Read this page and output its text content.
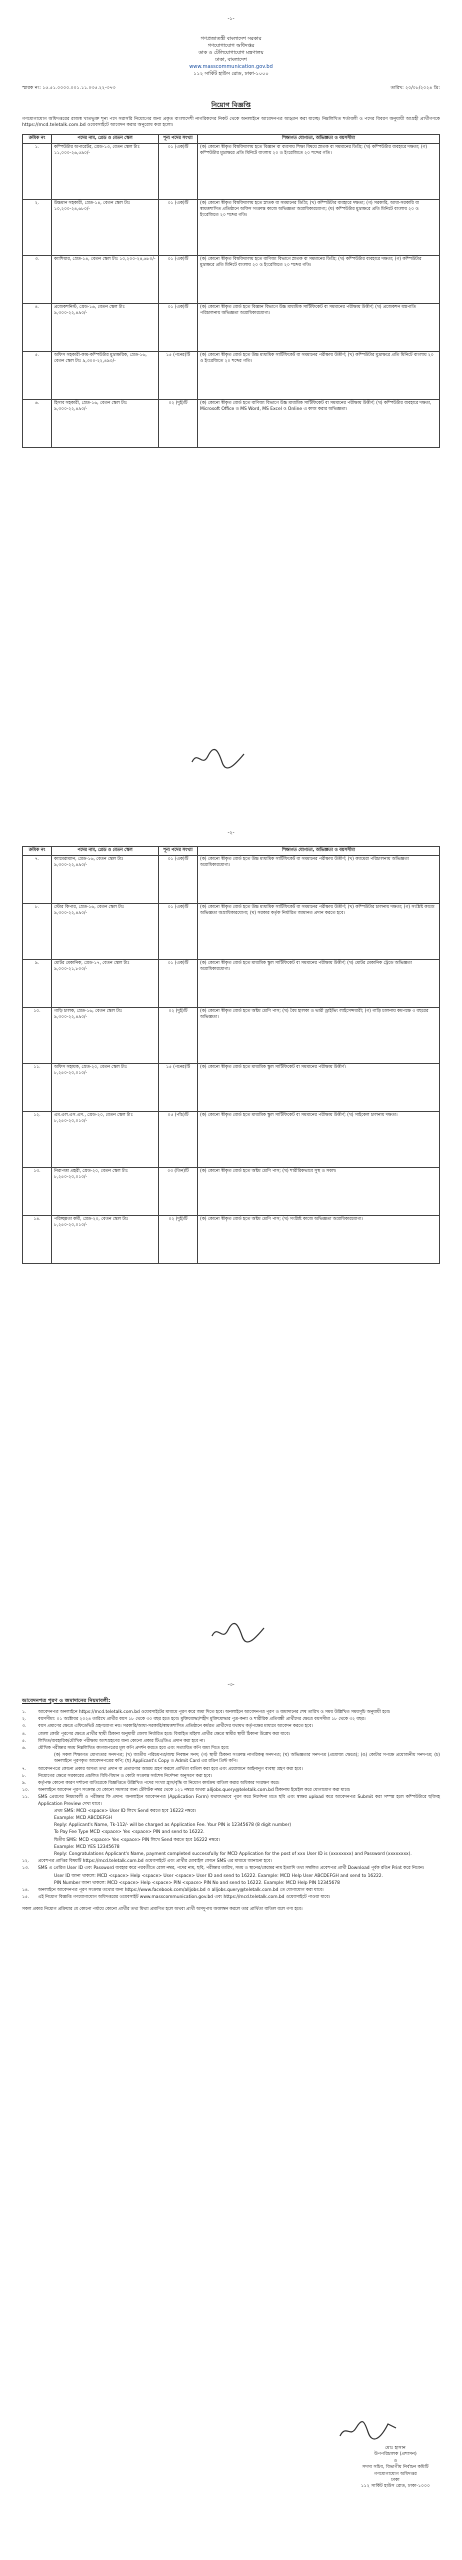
-১-
গণপ্রজাতন্ত্রী বাংলাদেশ সরকার
গণযোগাযোগ অধিদপ্তর
ডাক ও টেলিযোগাযোগ মন্ত্রণালয়
ঢাকা, বাংলাদেশ
www.masscommunication.gov.bd
১১২ সার্কিট হাউস রোড, ঢাকা-১০০০
স্মারক নং: ১৫.৫১.০০০০.০০১.১১.০৩৫.২২-৩৭৩	তারিখ: ২০/০৮/২০২৪ খ্রি:
নিয়োগ বিজ্ঞপ্তি
গণযোগাযোগ অধিদপ্তরের রাজস্ব খাতভুক্ত শূন্য পদে সরাসরি নিয়োগের জন্য প্রকৃত বাংলাদেশী নাগরিকদের নিকট থেকে অনলাইনে আবেদনপত্র আহ্বান করা যাচ্ছে। নিম্নলিখিত শর্তাবলী ও পদের বিবরণ অনুযায়ী আগ্রহী প্রার্থীগণকে https://mcd.teletalk.com.bd ওয়েবসাইটে আবেদন করার অনুরোধ করা হলো।
ক্রমিক নং	পদের নাম, গ্রেড ও বেতন স্কেল	শূন্য পদের সংখ্যা	শিক্ষাগত যোগ্যতা, অভিজ্ঞতা ও বয়সসীমা
১.	কম্পিউটার অপারেটর, গ্রেড-১৩, বেতন স্কেল টাঃ ১১,০০০-২৬,৫৯০/-	০১ (এক)টি	(ক) কোনো স্বীকৃত বিশ্ববিদ্যালয় হতে বিজ্ঞান বা ব্যবসায় শিক্ষা বিষয়ে স্নাতক বা সমমানের ডিগ্রি; (খ) কম্পিউটার ব্যবহারে দক্ষতা; (গ) কম্পিউটার মুদ্রাক্ষরে প্রতি মিনিটে বাংলায় ২০ ও ইংরেজিতে ২০ শব্দের গতি।
২.	উচ্চমান সহকারী, গ্রেড-১৪, বেতন স্কেল টাঃ ১০,২০০-২৪,৬৮০/-	০১ (এক)টি	(ক) কোনো স্বীকৃত বিশ্ববিদ্যালয় হতে স্নাতক বা সমমানের ডিগ্রি; (খ) কম্পিউটার ব্যবহারে দক্ষতা; (গ) সরকারি, আধা-সরকারি বা স্বায়ত্তশাসিত প্রতিষ্ঠানে অফিস সংক্রান্ত কাজে অভিজ্ঞতা অগ্রাধিকারযোগ্য; (ঘ) কম্পিউটার মুদ্রাক্ষরে প্রতি মিনিটে বাংলায় ২০ ও ইংরেজিতে ২০ শব্দের গতি।
৩.	ক্যাশিয়ার, গ্রেড-১৪, বেতন স্কেল টাঃ ১০,২০০-২৪,৬৮০/-	০১ (এক)টি	(ক) কোনো স্বীকৃত বিশ্ববিদ্যালয় হতে বাণিজ্য বিভাগে স্নাতক বা সমমানের ডিগ্রি; (খ) কম্পিউটার ব্যবহারে দক্ষতা; (গ) কম্পিউটার মুদ্রাক্ষরে প্রতি মিনিটে বাংলায় ২০ ও ইংরেজিতে ২০ শব্দের গতি।
৪.	প্রজেকশনিস্ট, গ্রেড-১৬, বেতন স্কেল টাঃ ৯,৩০০-২২,৪৯০/-	০১ (এক)টি	(ক) কোনো স্বীকৃত বোর্ড হতে বিজ্ঞান বিভাগে উচ্চ মাধ্যমিক সার্টিফিকেট বা সমমানের পরীক্ষায় উত্তীর্ণ; (খ) প্রজেকশন যন্ত্রপাতি পরিচালনায় অভিজ্ঞতা অগ্রাধিকারযোগ্য।
৫.	অফিস সহকারী-কাম-কম্পিউটার মুদ্রাক্ষরিক, গ্রেড-১৬, বেতন স্কেল টাঃ ৯,৩০০-২২,৪৯০/-	১৫ (পনের)টি	(ক) কোনো স্বীকৃত বোর্ড হতে উচ্চ মাধ্যমিক সার্টিফিকেট বা সমমানের পরীক্ষায় উত্তীর্ণ; (খ) কম্পিউটার মুদ্রাক্ষরে প্রতি মিনিটে বাংলায় ২০ ও ইংরেজিতে ২০ শব্দের গতি।
৬.	হিসাব সহকারী, গ্রেড-১৬, বেতন স্কেল টাঃ ৯,৩০০-২২,৪৯০/-	০২ (দুই)টি	(ক) কোনো স্বীকৃত বোর্ড হতে বাণিজ্য বিভাগে উচ্চ মাধ্যমিক সার্টিফিকেট বা সমমানের পরীক্ষায় উত্তীর্ণ; (খ) কম্পিউটার ব্যবহারে দক্ষতা, Microsoft Office ও MS Word, MS Excel ও Online এ কাজ করার অভিজ্ঞতা।
-২-
ক্রমিক নং	পদের নাম, গ্রেড ও বেতন স্কেল	শূন্য পদের সংখ্যা	শিক্ষাগত যোগ্যতা, অভিজ্ঞতা ও বয়সসীমা
৭.	ক্যামেরাম্যান, গ্রেড-১৬, বেতন স্কেল টাঃ ৯,৩০০-২২,৪৯০/-	০১ (এক)টি	(ক) কোনো স্বীকৃত বোর্ড হতে উচ্চ মাধ্যমিক সার্টিফিকেট বা সমমানের পরীক্ষায় উত্তীর্ণ; (খ) ক্যামেরা পরিচালনায় অভিজ্ঞতা অগ্রাধিকারযোগ্য।
৮.	স্টোর কিপার, গ্রেড-১৬, বেতন স্কেল টাঃ ৯,৩০০-২২,৪৯০/-	০১ (এক)টি	(ক) কোনো স্বীকৃত বোর্ড হতে উচ্চ মাধ্যমিক সার্টিফিকেট বা সমমানের পরীক্ষায় উত্তীর্ণ; (খ) কম্পিউটার চালনায় দক্ষতা; (গ) সংশ্লিষ্ট কাজে অভিজ্ঞতা অগ্রাধিকারযোগ্য; (ঘ) সরকার কর্তৃক নির্ধারিত জামানত প্রদান করতে হবে।
৯.	মোটর মেকানিক, গ্রেড-১৭, বেতন স্কেল টাঃ ৯,০০০-২১,৮০০/-	০১ (এক)টি	(ক) কোনো স্বীকৃত বোর্ড হতে মাধ্যমিক স্কুল সার্টিফিকেট বা সমমানের পরীক্ষায় উত্তীর্ণ; (খ) মোটর মেকানিক ট্রেডে অভিজ্ঞতা অগ্রাধিকারযোগ্য।
১০.	গাড়ি চালক, গ্রেড-১৬, বেতন স্কেল টাঃ ৯,৩০০-২২,৪৯০/-	০২ (দুই)টি	(ক) কোনো স্বীকৃত বোর্ড হতে অষ্টম শ্রেণি পাস; (খ) বৈধ হালকা ও ভারী ড্রাইভিং লাইসেন্সধারী; (গ) গাড়ি চালনায় কমপক্ষে ৩ বছরের অভিজ্ঞতা।
১১.	অফিস সহায়ক, গ্রেড-২০, বেতন স্কেল টাঃ ৮,২৫০-২০,০১০/-	১৫ (পনের)টি	(ক) কোনো স্বীকৃত বোর্ড হতে মাধ্যমিক স্কুল সার্টিফিকেট বা সমমানের পরীক্ষায় উত্তীর্ণ।
১২.	এম.এল.এস.এস., গ্রেড-২০, বেতন স্কেল টাঃ ৮,২৫০-২০,০১০/-	০৫ (পাঁচ)টি	(ক) কোনো স্বীকৃত বোর্ড হতে মাধ্যমিক স্কুল সার্টিফিকেট বা সমমানের পরীক্ষায় উত্তীর্ণ; (খ) সাইকেল চালনায় দক্ষতা।
১৩.	নিরাপত্তা প্রহরী, গ্রেড-২০, বেতন স্কেল টাঃ ৮,২৫০-২০,০১০/-	০৩ (তিন)টি	(ক) কোনো স্বীকৃত বোর্ড হতে অষ্টম শ্রেণি পাস; (খ) শারীরিকভাবে সুস্থ ও সবল।
১৪.	পরিচ্ছন্নতা কর্মী, গ্রেড-২০, বেতন স্কেল টাঃ ৮,২৫০-২০,০১০/-	০২ (দুই)টি	(ক) কোনো স্বীকৃত বোর্ড হতে অষ্টম শ্রেণি পাস; (খ) সংশ্লিষ্ট কাজে অভিজ্ঞতা অগ্রাধিকারযোগ্য।
-৩-
আবেদনপত্র পূরণ ও জমাদানের নিয়মাবলী:
১.	আবেদনপত্র অনলাইনে https://mcd.teletalk.com.bd ওয়েবসাইটের মাধ্যমে পূরণ করে জমা দিতে হবে। অনলাইনে আবেদনপত্র পূরণ ও জমাদানের শেষ তারিখ ও সময় উল্লিখিত সময়সূচি অনুযায়ী হবে।
২.	বয়সসীমা: ০১ অক্টোবর ২০২৪ তারিখে প্রার্থীর বয়স ১৮ থেকে ৩০ বছর হতে হবে। মুক্তিযোদ্ধা/শহীদ মুক্তিযোদ্ধার পুত্র-কন্যা ও শারীরিক প্রতিবন্ধী প্রার্থীদের ক্ষেত্রে বয়সসীমা ১৮ থেকে ৩২ বছর।
৩.	বয়স প্রমাণের ক্ষেত্রে এফিডেভিট গ্রহণযোগ্য নয়। সরকারি/আধা-সরকারি/স্বায়ত্তশাসিত প্রতিষ্ঠানে কর্মরত প্রার্থীদের যথাযথ কর্তৃপক্ষের মাধ্যমে আবেদন করতে হবে।
৪.	জেলা কোটা পূরণের ক্ষেত্রে প্রার্থীর স্থায়ী ঠিকানা অনুযায়ী জেলা নির্ধারিত হবে। বিবাহিত মহিলা প্রার্থীর ক্ষেত্রে স্বামীর স্থায়ী ঠিকানা উল্লেখ করা যাবে।
৫.	লিখিত/ব্যবহারিক/মৌখিক পরীক্ষায় অংশগ্রহণের জন্য কোনো প্রকার টিএ/ডিএ প্রদান করা হবে না।
৬.	মৌখিক পরীক্ষার সময় নিম্নলিখিত কাগজপত্রের মূল কপি প্রদর্শন করতে হবে এবং সত্যায়িত কপি জমা দিতে হবে:
(ক) সকল শিক্ষাগত যোগ্যতার সনদপত্র; (খ) জাতীয় পরিচয়পত্র/জন্ম নিবন্ধন সনদ; (গ) স্থায়ী ঠিকানা সংক্রান্ত নাগরিকত্ব সনদপত্র; (ঘ) অভিজ্ঞতার সনদপত্র (প্রযোজ্য ক্ষেত্রে); (ঙ) কোটার সপক্ষে প্রয়োজনীয় সনদপত্র; (চ) অনলাইনে পূরণকৃত আবেদনপত্রের কপি; (ছ) Applicant's Copy ও Admit Card এর রঙিন প্রিন্ট কপি।
৭.	আবেদনপত্রে কোনো প্রকার অসত্য তথ্য প্রদান বা প্রতারণার আশ্রয় গ্রহণ করলে প্রার্থিতা বাতিল করা হবে এবং প্রয়োজনে আইনানুগ ব্যবস্থা গ্রহণ করা হবে।
৮.	নিয়োগের ক্ষেত্রে সরকারের প্রচলিত বিধি-বিধান ও কোটা সংক্রান্ত সর্বশেষ নির্দেশনা অনুসরণ করা হবে।
৯.	কর্তৃপক্ষ কোনো কারণ দর্শানো ব্যতিরেকে বিজ্ঞপ্তিতে উল্লিখিত পদের সংখ্যা হ্রাস/বৃদ্ধি বা নিয়োগ কার্যক্রম বাতিল করার অধিকার সংরক্ষণ করে।
১০.	অনলাইনে আবেদন পূরণ সংক্রান্ত যে কোনো সমস্যার জন্য টেলিটক নম্বর থেকে ১২১ নম্বরে অথবা alljobs.query@teletalk.com.bd ঠিকানায় ইমেইল করে যোগাযোগ করা যাবে।
১১.	SMS প্রেরণের নিয়মাবলী ও পরীক্ষার ফি প্রদান: অনলাইনে আবেদনপত্র (Application Form) যথাযথভাবে পূরণ করে নির্দেশনা মতে ছবি এবং স্বাক্ষর upload করে আবেদনপত্র Submit করা সম্পন্ন হলে কম্পিউটারে ছবিসহ Application Preview দেখা যাবে।
প্রথম SMS: MCD <space> User ID লিখে Send করতে হবে 16222 নম্বরে।
Example: MCD ABCDEFGH
Reply: Applicant's Name, Tk-112/- will be charged as Application Fee. Your PIN is 12345678 (8 digit number)
To Pay Fee Type MCD <space> Yes <space> PIN and send to 16222.
দ্বিতীয় SMS: MCD <space> Yes <space> PIN লিখে Send করতে হবে 16222 নম্বরে।
Example: MCD YES 12345678
Reply: Congratulations Applicant's Name, payment completed successfully for MCD Application for the post of xxx User ID is (xxxxxxxx) and Password (xxxxxxxx).
১২.	প্রবেশপত্র প্রাপ্তির বিষয়টি https://mcd.teletalk.com.bd ওয়েবসাইটে এবং প্রার্থীর মোবাইল ফোনে SMS এর মাধ্যমে জানানো হবে।
১৩.	SMS এ প্রেরিত User ID এবং Password ব্যবহার করে পরবর্তীতে রোল নম্বর, পদের নাম, ছবি, পরীক্ষার তারিখ, সময় ও স্থানের/কেন্দ্রের নাম ইত্যাদি তথ্য সম্বলিত প্রবেশপত্র প্রার্থী Download পূর্বক রঙিন Print করে নিবেন।
User ID জানা থাকলে: MCD <space> Help <space> User <space> User ID and send to 16222. Example: MCD Help User ABCDEFGH and send to 16222.
PIN Number জানা থাকলে: MCD <space> Help <space> PIN <space> PIN No and send to 16222. Example: MCD Help PIN 12345678
১৪.	অনলাইনে আবেদনপত্র পূরণ সংক্রান্ত তথ্যের জন্য https://www.facebook.com/alljobs.bd ও alljobs.query@teletalk.com.bd তে যোগাযোগ করা যাবে।
১৫.	এই নিয়োগ বিজ্ঞপ্তি গণযোগাযোগ অধিদপ্তরের ওয়েবসাইট www.masscommunication.gov.bd এবং https://mcd.teletalk.com.bd ওয়েবসাইটে পাওয়া যাবে।
সকল প্রকার নিয়োগ প্রক্রিয়ার যে কোনো পর্যায়ে কোনো প্রার্থীর তথ্য মিথ্যা প্রমাণিত হলে অথবা প্রার্থী অসদুপায় অবলম্বন করলে তার প্রার্থিতা বাতিল বলে গণ্য হবে।
মোঃ হাসান
উপপরিচালক (প্রশাসন)
ও
সদস্য সচিব, বিভাগীয় নির্বাচন কমিটি
গণযোগাযোগ অধিদপ্তর
ঢাকা
১১২ সার্কিট হাউস রোড, ঢাকা-১০০০
